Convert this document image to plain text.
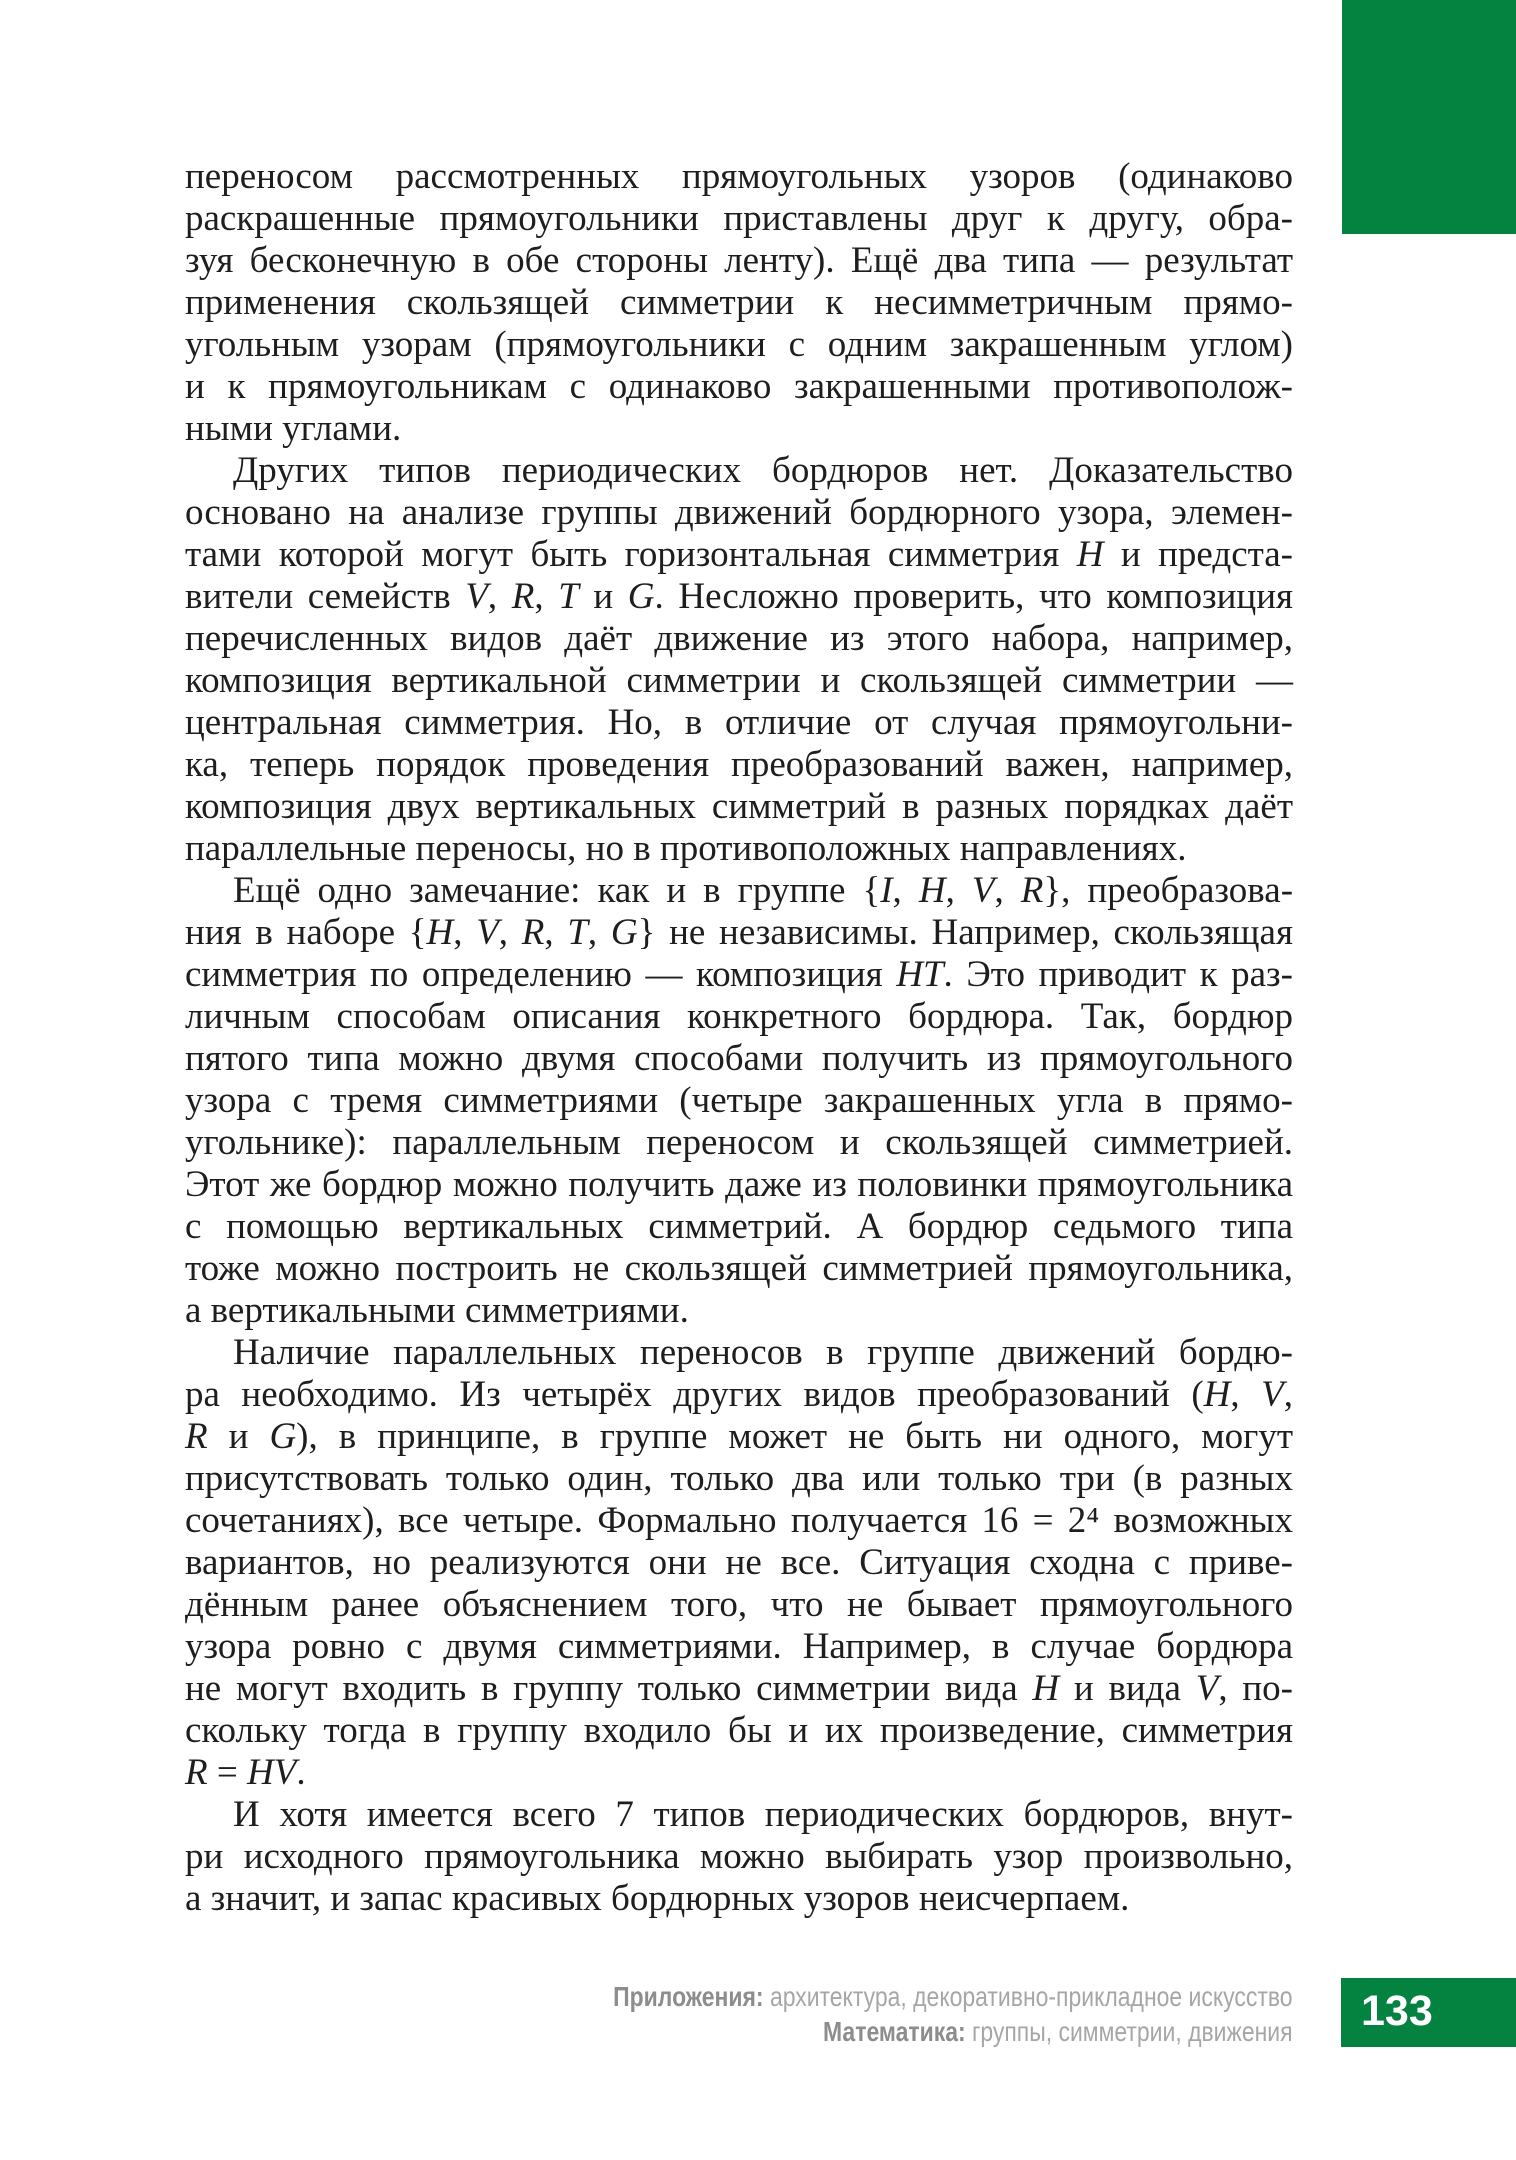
переносом рассмотренных прямоугольных узоров (одинаково
раскрашенные прямоугольники приставлены друг к другу, обра-
зуя бесконечную в обе стороны ленту). Ещё два типа — результат
применения скользящей симметрии к несимметричным прямо-
угольным узорам (прямоугольники с одним закрашенным углом)
и к прямоугольникам с одинаково закрашенными противополож-
ными углами.
Других типов периодических бордюров нет. Доказательство
основано на анализе группы движений бордюрного узора, элемен-
тами которой могут быть горизонтальная симметрия H и предста-
вители семейств V, R, T и G. Несложно проверить, что композиция
перечисленных видов даёт движение из этого набора, например,
композиция вертикальной симметрии и скользящей симметрии —
центральная симметрия. Но, в отличие от случая прямоугольни-
ка, теперь порядок проведения преобразований важен, например,
композиция двух вертикальных симметрий в разных порядках даёт
параллельные переносы, но в противоположных направлениях.
Ещё одно замечание: как и в группе {I, H, V, R}, преобразова-
ния в наборе {H, V, R, T, G} не независимы. Например, скользящая
симметрия по определению — композиция HT. Это приводит к раз-
личным способам описания конкретного бордюра. Так, бордюр
пятого типа можно двумя способами получить из прямоугольного
узора с тремя симметриями (четыре закрашенных угла в прямо-
угольнике): параллельным переносом и скользящей симметрией.
Этот же бордюр можно получить даже из половинки прямоугольника
с помощью вертикальных симметрий. А бордюр седьмого типа
тоже можно построить не скользящей симметрией прямоугольника,
а вертикальными симметриями.
Наличие параллельных переносов в группе движений бордю-
ра необходимо. Из четырёх других видов преобразований (H, V,
R и G), в принципе, в группе может не быть ни одного, могут
присутствовать только один, только два или только три (в разных
сочетаниях), все четыре. Формально получается 16 = 2⁴ возможных
вариантов, но реализуются они не все. Ситуация сходна с приве-
дённым ранее объяснением того, что не бывает прямоугольного
узора ровно с двумя симметриями. Например, в случае бордюра
не могут входить в группу только симметрии вида H и вида V, по-
скольку тогда в группу входило бы и их произведение, симметрия
R = HV.
И хотя имеется всего 7 типов периодических бордюров, внут-
ри исходного прямоугольника можно выбирать узор произвольно,
а значит, и запас красивых бордюрных узоров неисчерпаем.
Приложения: архитектура, декоративно-прикладное искусство
Математика: группы, симметрии, движения	133
